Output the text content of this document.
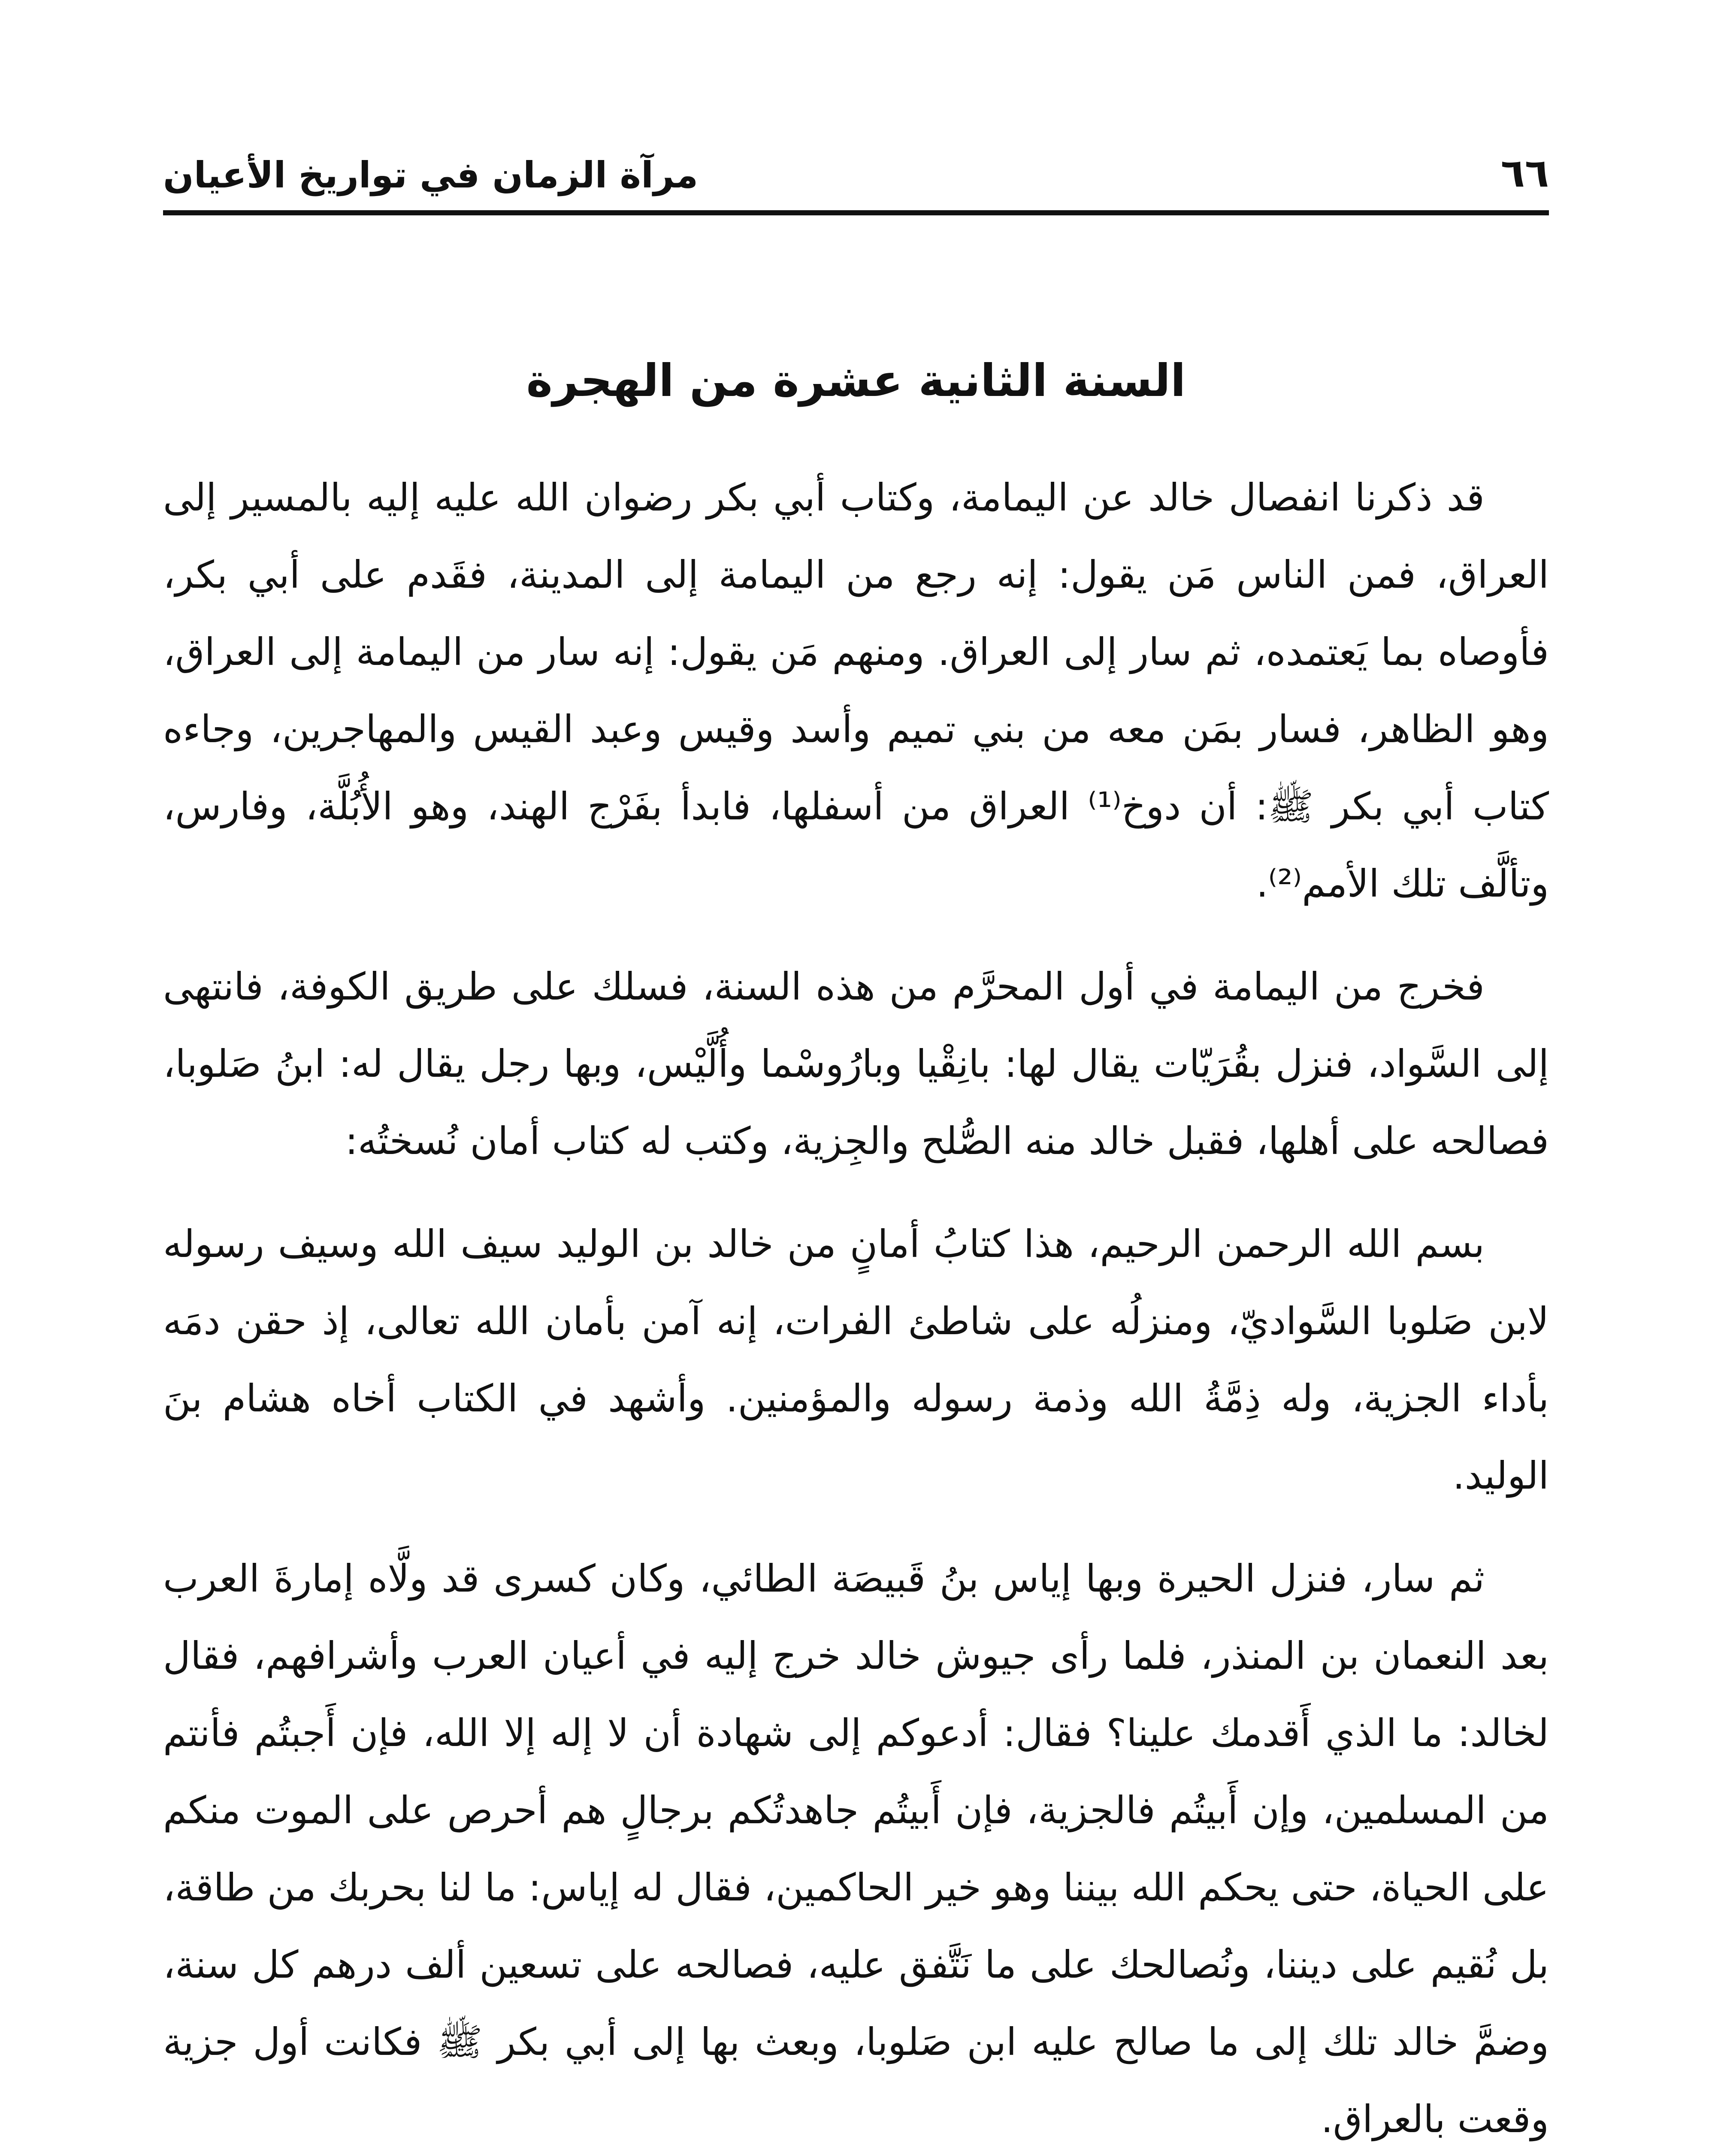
٦٦
مرآة الزمان في تواريخ الأعيان
السنة الثانية عشرة من الهجرة

قد ذكرنا انفصال خالد عن اليمامة، وكتاب أبي بكر رضوان الله عليه إليه بالمسير إلى العراق، فمن الناس مَن يقول: إنه رجع من اليمامة إلى المدينة، فقَدم على أبي بكر، فأوصاه بما يَعتمده، ثم سار إلى العراق. ومنهم مَن يقول: إنه سار من اليمامة إلى العراق، وهو الظاهر، فسار بمَن معه من بني تميم وأسد وقيس وعبد القيس والمهاجرين، وجاءه كتاب أبي بكر ﷺ: أن دوخ⁽¹⁾ العراق من أسفلها، فابدأ بفَرْج الهند، وهو الأُبُلَّة، وفارس، وتألَّف تلك الأمم⁽²⁾.

فخرج من اليمامة في أول المحرَّم من هذه السنة، فسلك على طريق الكوفة، فانتهى إلى السَّواد، فنزل بقُرَيّات يقال لها: بانِقْيا وبارُوسْما وأُلَّيْس، وبها رجل يقال له: ابنُ صَلوبا، فصالحه على أهلها، فقبل خالد منه الصُّلح والجِزية، وكتب له كتاب أمان نُسختُه:

بسم الله الرحمن الرحيم، هذا كتابُ أمانٍ من خالد بن الوليد سيف الله وسيف رسوله لابن صَلوبا السَّواديّ، ومنزلُه على شاطئ الفرات، إنه آمن بأمان الله تعالى، إذ حقن دمَه بأداء الجزية، وله ذِمَّةُ الله وذمة رسوله والمؤمنين. وأشهد في الكتاب أخاه هشام بنَ الوليد.

ثم سار، فنزل الحيرة وبها إياس بنُ قَبيصَة الطائي، وكان كسرى قد ولَّاه إمارةَ العرب بعد النعمان بن المنذر، فلما رأى جيوش خالد خرج إليه في أعيان العرب وأشرافهم، فقال لخالد: ما الذي أَقدمك علينا؟ فقال: أدعوكم إلى شهادة أن لا إله إلا الله، فإن أَجبتُم فأنتم من المسلمين، وإن أَبيتُم فالجزية، فإن أَبيتُم جاهدتُكم برجالٍ هم أحرص على الموت منكم على الحياة، حتى يحكم الله بيننا وهو خير الحاكمين، فقال له إياس: ما لنا بحربك من طاقة، بل نُقيم على ديننا، ونُصالحك على ما نَتَّفق عليه، فصالحه على تسعين ألف درهم كل سنة، وضمَّ خالد تلك إلى ما صالح عليه ابن صَلوبا، وبعث بها إلى أبي بكر ﷺ فكانت أول جزية وقعت بالعراق.
